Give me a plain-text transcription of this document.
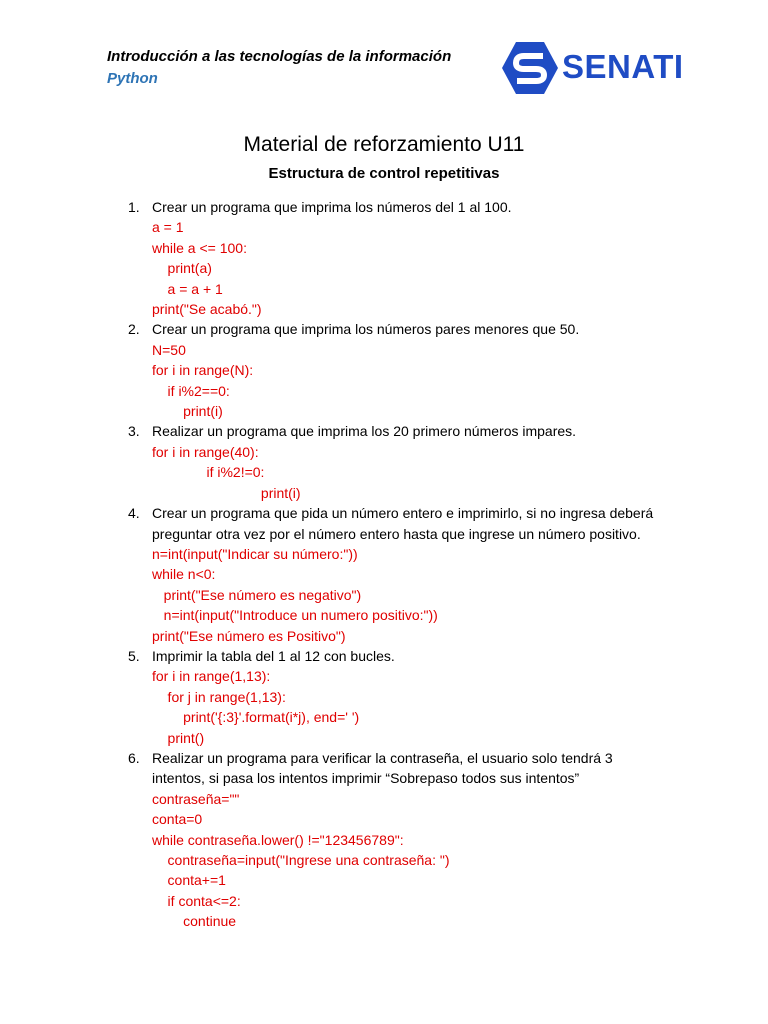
Introducción a las tecnologías de la información
Python	SENATI
Material de reforzamiento U11
Estructura de control repetitivas
1. Crear un programa que imprima los números del 1 al 100.
a = 1
while a <= 100:
print(a)
a = a + 1
print("Se acabó.")
2. Crear un programa que imprima los números pares menores que 50.
N=50
for i in range(N):
if i%2==0:
print(i)
3. Realizar un programa que imprima los 20 primero números impares.
for i in range(40):
if i%2!=0:
print(i)
4. Crear un programa que pida un número entero e imprimirlo, si no ingresa deberá preguntar otra vez por el número entero hasta que ingrese un número positivo.
n=int(input("Indicar su número:"))
while n<0:
print("Ese número es negativo")
n=int(input("Introduce un numero positivo:"))
print("Ese número es Positivo")
5. Imprimir la tabla del 1 al 12 con bucles.
for i in range(1,13):
for j in range(1,13):
print('{:3}'.format(i*j), end=' ')
print()
6. Realizar un programa para verificar la contraseña, el usuario solo tendrá 3 intentos, si pasa los intentos imprimir “Sobrepaso todos sus intentos”
contraseña=""
conta=0
while contraseña.lower() !="123456789":
contraseña=input("Ingrese una contraseña: ")
conta+=1
if conta<=2:
continue
